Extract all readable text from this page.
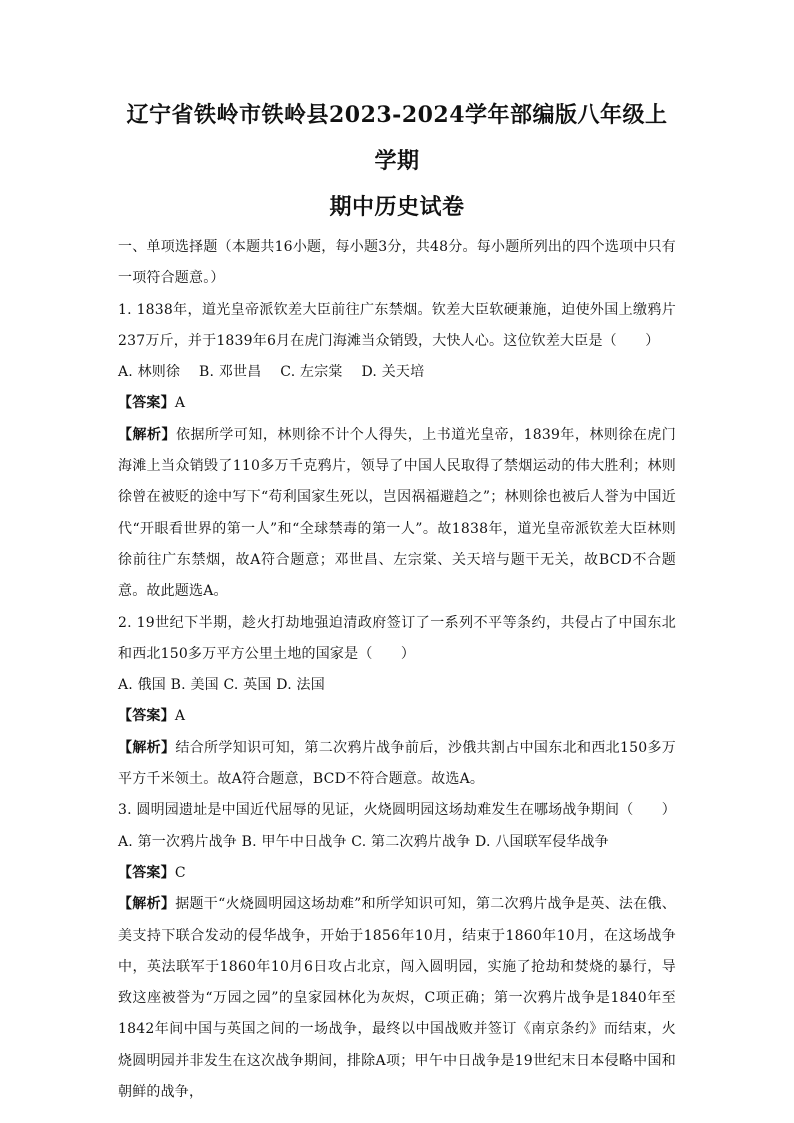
辽宁省铁岭市铁岭县2023-2024学年部编版八年级上学期
期中历史试卷

一、单项选择题（本题共16小题，每小题3分，共48分。每小题所列出的四个选项中只有一项符合题意。）

1. 1838年，道光皇帝派钦差大臣前往广东禁烟。钦差大臣软硬兼施，迫使外国上缴鸦片237万斤，并于1839年6月在虎门海滩当众销毁，大快人心。这位钦差大臣是（　　）

A. 林则徐　 B. 邓世昌　 C. 左宗棠　 D. 关天培

【答案】A

【解析】依据所学可知，林则徐不计个人得失，上书道光皇帝，1839年，林则徐在虎门海滩上当众销毁了110多万千克鸦片，领导了中国人民取得了禁烟运动的伟大胜利；林则徐曾在被贬的途中写下“苟利国家生死以，岂因祸福避趋之”；林则徐也被后人誉为中国近代“开眼看世界的第一人”和“全球禁毒的第一人”。故1838年，道光皇帝派钦差大臣林则徐前往广东禁烟，故A符合题意；邓世昌、左宗棠、关天培与题干无关，故BCD不合题意。故此题选A。

2. 19世纪下半期，趁火打劫地强迫清政府签订了一系列不平等条约，共侵占了中国东北和西北150多万平方公里土地的国家是（　　）

A. 俄国 B. 美国 C. 英国 D. 法国

【答案】A

【解析】结合所学知识可知，第二次鸦片战争前后，沙俄共割占中国东北和西北150多万平方千米领土。故A符合题意，BCD不符合题意。故选A。

3. 圆明园遗址是中国近代屈辱的见证，火烧圆明园这场劫难发生在哪场战争期间（　　）

A. 第一次鸦片战争 B. 甲午中日战争 C. 第二次鸦片战争 D. 八国联军侵华战争

【答案】C

【解析】据题干“火烧圆明园这场劫难”和所学知识可知，第二次鸦片战争是英、法在俄、美支持下联合发动的侵华战争，开始于1856年10月，结束于1860年10月，在这场战争中，英法联军于1860年10月6日攻占北京，闯入圆明园，实施了抢劫和焚烧的暴行，导致这座被誉为“万园之园”的皇家园林化为灰烬，C项正确；第一次鸦片战争是1840年至1842年间中国与英国之间的一场战争，最终以中国战败并签订《南京条约》而结束，火烧圆明园并非发生在这次战争期间，排除A项；甲午中日战争是19世纪末日本侵略中国和朝鲜的战争，
